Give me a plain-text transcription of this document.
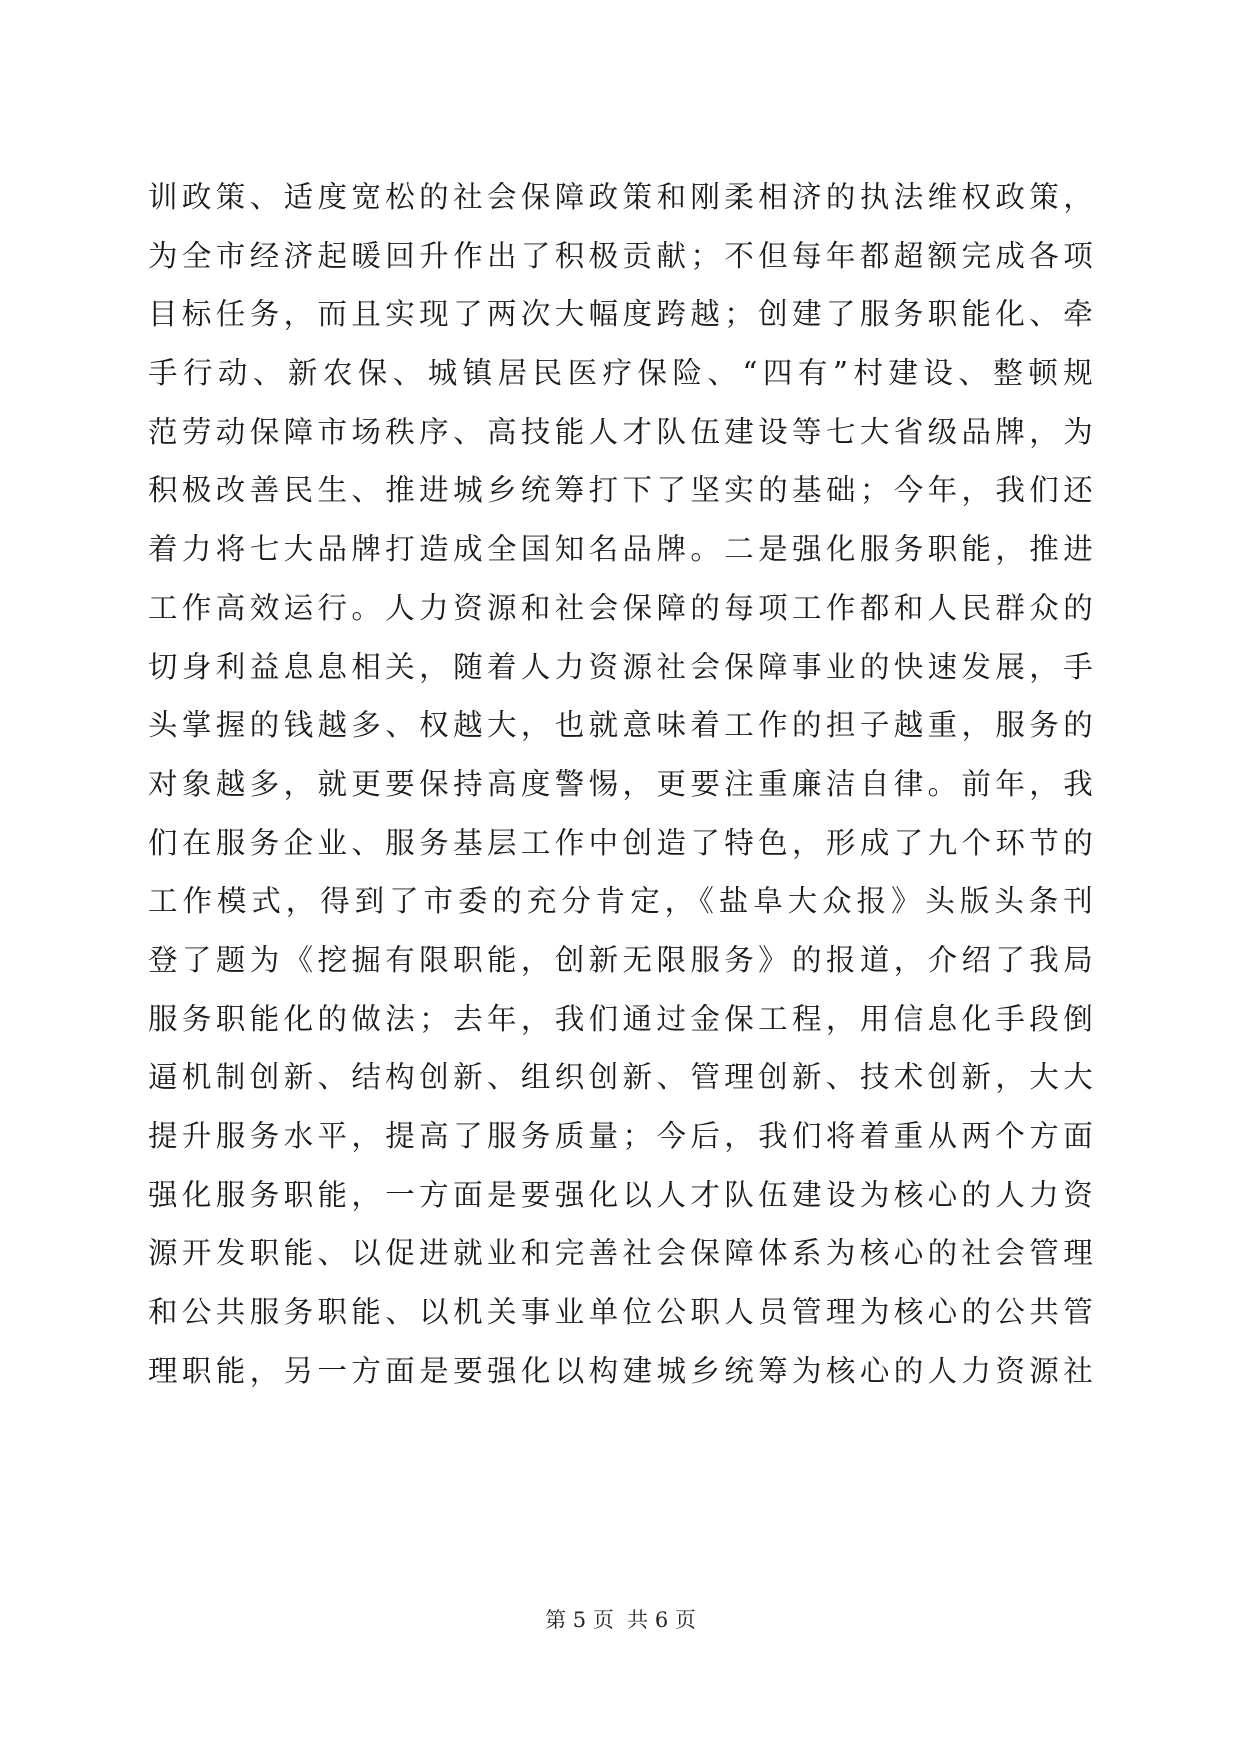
训政策、适度宽松的社会保障政策和刚柔相济的执法维权政策，
为全市经济起暖回升作出了积极贡献；不但每年都超额完成各项
目标任务，而且实现了两次大幅度跨越；创建了服务职能化、牵
手行动、新农保、城镇居民医疗保险、“四有”村建设、整顿规
范劳动保障市场秩序、高技能人才队伍建设等七大省级品牌，为
积极改善民生、推进城乡统筹打下了坚实的基础；今年，我们还
着力将七大品牌打造成全国知名品牌。二是强化服务职能，推进
工作高效运行。人力资源和社会保障的每项工作都和人民群众的
切身利益息息相关，随着人力资源社会保障事业的快速发展，手
头掌握的钱越多、权越大，也就意味着工作的担子越重，服务的
对象越多，就更要保持高度警惕，更要注重廉洁自律。前年，我
们在服务企业、服务基层工作中创造了特色，形成了九个环节的
工作模式，得到了市委的充分肯定，《盐阜大众报》头版头条刊
登了题为《挖掘有限职能，创新无限服务》的报道，介绍了我局
服务职能化的做法；去年，我们通过金保工程，用信息化手段倒
逼机制创新、结构创新、组织创新、管理创新、技术创新，大大
提升服务水平，提高了服务质量；今后，我们将着重从两个方面
强化服务职能，一方面是要强化以人才队伍建设为核心的人力资
源开发职能、以促进就业和完善社会保障体系为核心的社会管理
和公共服务职能、以机关事业单位公职人员管理为核心的公共管
理职能，另一方面是要强化以构建城乡统筹为核心的人力资源社
第 5 页  共 6 页
